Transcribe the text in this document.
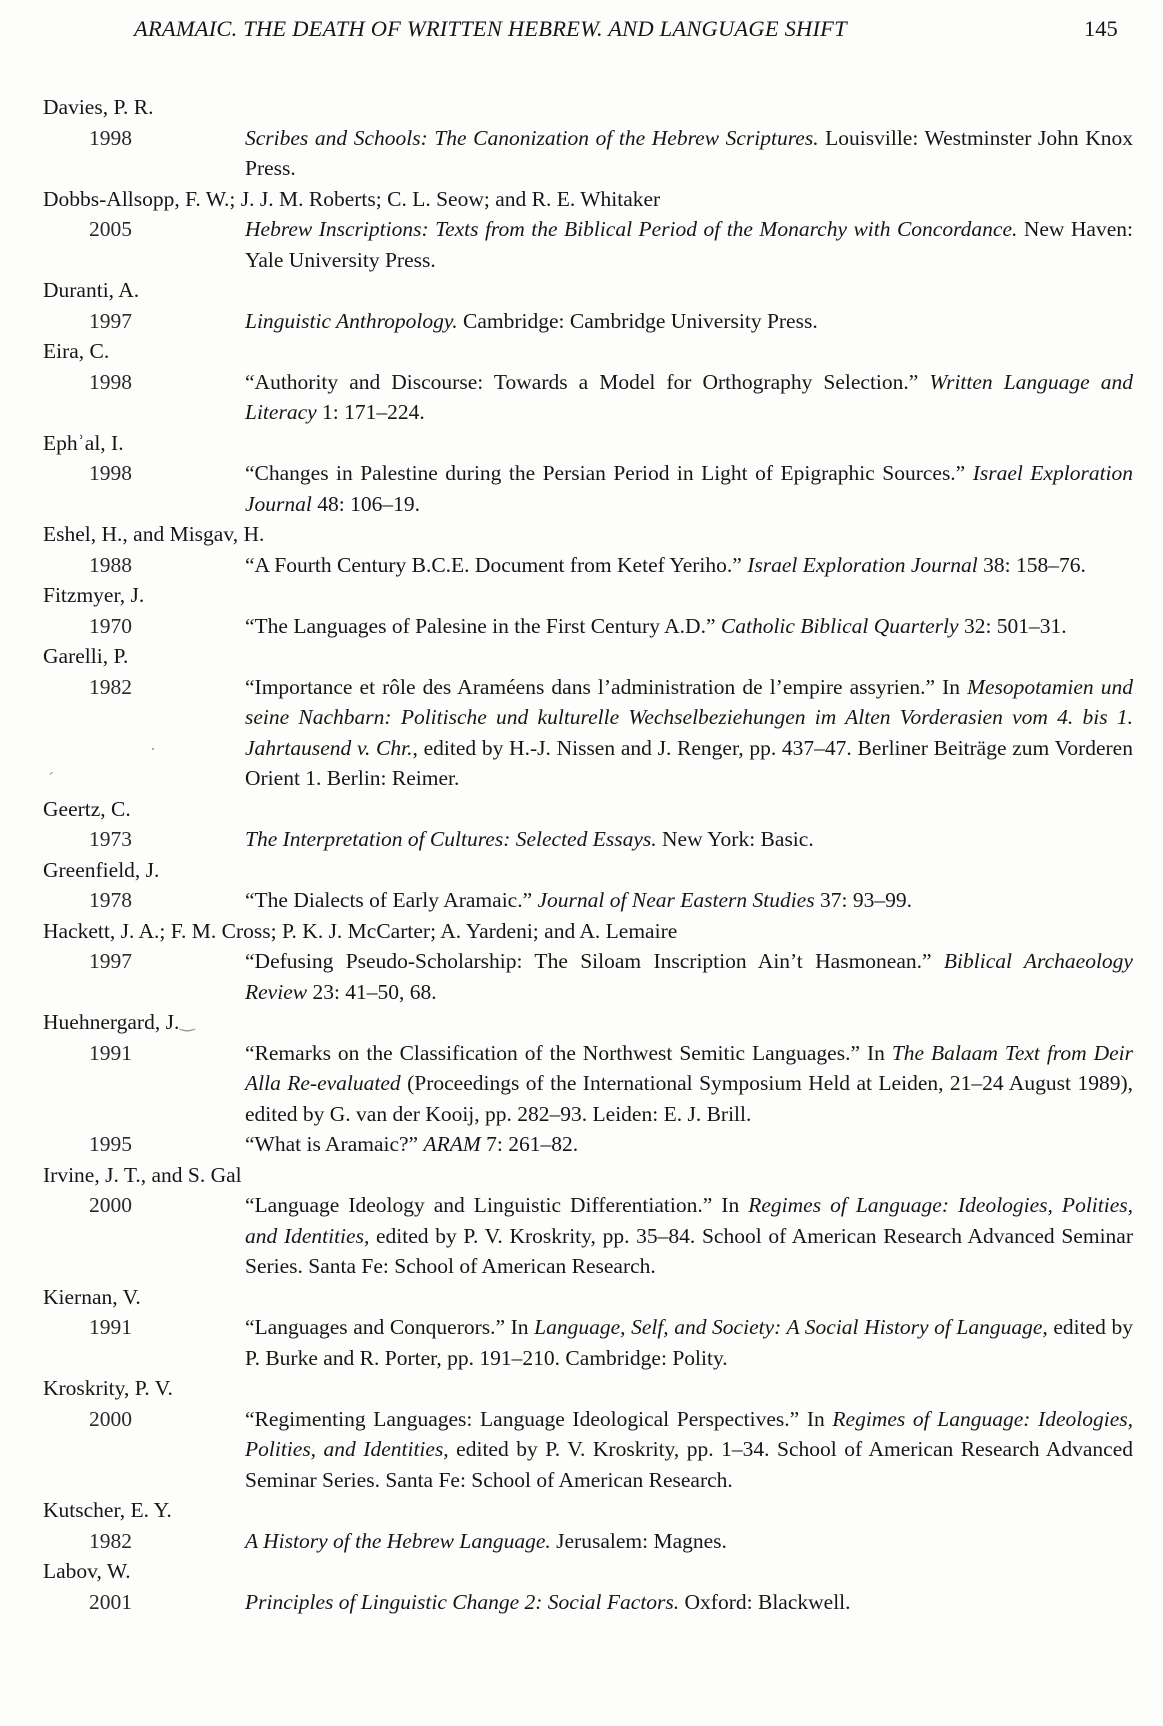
ARAMAIC. THE DEATH OF WRITTEN HEBREW. AND LANGUAGE SHIFT	145
Davies, P. R.
1998	Scribes and Schools: The Canonization of the Hebrew Scriptures. Louisville: Westminster John Knox Press.
Dobbs-Allsopp, F. W.; J. J. M. Roberts; C. L. Seow; and R. E. Whitaker
2005	Hebrew Inscriptions: Texts from the Biblical Period of the Monarchy with Concordance. New Haven: Yale University Press.
Duranti, A.
1997	Linguistic Anthropology. Cambridge: Cambridge University Press.
Eira, C.
1998	“Authority and Discourse: Towards a Model for Orthography Selection.” Written Language and Literacy 1: 171–224.
Ephʾal, I.
1998	“Changes in Palestine during the Persian Period in Light of Epigraphic Sources.” Israel Exploration Journal 48: 106–19.
Eshel, H., and Misgav, H.
1988	“A Fourth Century B.C.E. Document from Ketef Yeriho.” Israel Exploration Journal 38: 158–76.
Fitzmyer, J.
1970	“The Languages of Palesine in the First Century A.D.” Catholic Biblical Quarterly 32: 501–31.
Garelli, P.
1982	“Importance et rôle des Araméens dans l’administration de l’empire assyrien.” In Mesopotamien und seine Nachbarn: Politische und kulturelle Wechselbeziehungen im Alten Vorderasien vom 4. bis 1. Jahrtausend v. Chr., edited by H.-J. Nissen and J. Renger, pp. 437–47. Berliner Beiträge zum Vorderen Orient 1. Berlin: Reimer.
Geertz, C.
1973	The Interpretation of Cultures: Selected Essays. New York: Basic.
Greenfield, J.
1978	“The Dialects of Early Aramaic.” Journal of Near Eastern Studies 37: 93–99.
Hackett, J. A.; F. M. Cross; P. K. J. McCarter; A. Yardeni; and A. Lemaire
1997	“Defusing Pseudo-Scholarship: The Siloam Inscription Ain’t Hasmonean.” Biblical Archaeology Review 23: 41–50, 68.
Huehnergard, J.
1991	“Remarks on the Classification of the Northwest Semitic Languages.” In The Balaam Text from Deir Alla Re-evaluated (Proceedings of the International Symposium Held at Leiden, 21–24 August 1989), edited by G. van der Kooij, pp. 282–93. Leiden: E. J. Brill.
1995	“What is Aramaic?” ARAM 7: 261–82.
Irvine, J. T., and S. Gal
2000	“Language Ideology and Linguistic Differentiation.” In Regimes of Language: Ideologies, Polities, and Identities, edited by P. V. Kroskrity, pp. 35–84. School of American Research Advanced Seminar Series. Santa Fe: School of American Research.
Kiernan, V.
1991	“Languages and Conquerors.” In Language, Self, and Society: A Social History of Language, edited by P. Burke and R. Porter, pp. 191–210. Cambridge: Polity.
Kroskrity, P. V.
2000	“Regimenting Languages: Language Ideological Perspectives.” In Regimes of Language: Ideologies, Polities, and Identities, edited by P. V. Kroskrity, pp. 1–34. School of American Research Advanced Seminar Series. Santa Fe: School of American Research.
Kutscher, E. Y.
1982	A History of the Hebrew Language. Jerusalem: Magnes.
Labov, W.
2001	Principles of Linguistic Change 2: Social Factors. Oxford: Blackwell.
´
·
‿
